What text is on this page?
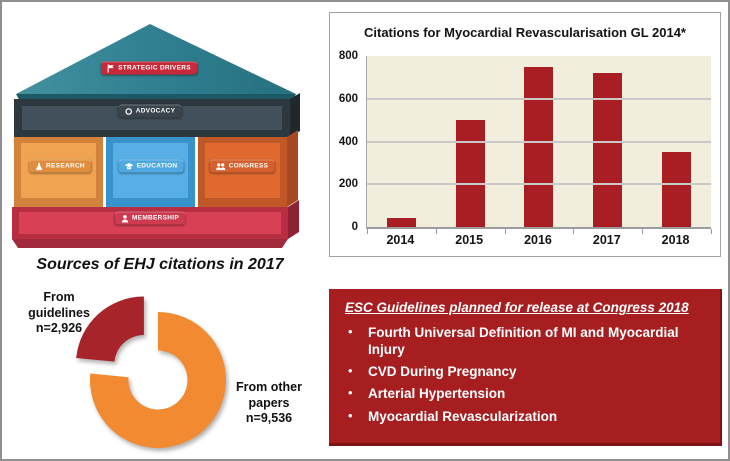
STRATEGIC DRIVERS
ADVOCACY
RESEARCH	EDUCATION	CONGRESS
MEMBERSHIP
Citations for Myocardial Revascularisation GL 2014*
0
200
400
600
800
2014	2015	2016	2017	2018
Sources of EHJ citations in 2017
From guidelines
n=2,926
From other papers
n=9,536
ESC Guidelines planned for release at Congress 2018
•	Fourth Universal Definition of MI and Myocardial Injury
•	CVD During Pregnancy
•	Arterial Hypertension
•	Myocardial Revascularization
